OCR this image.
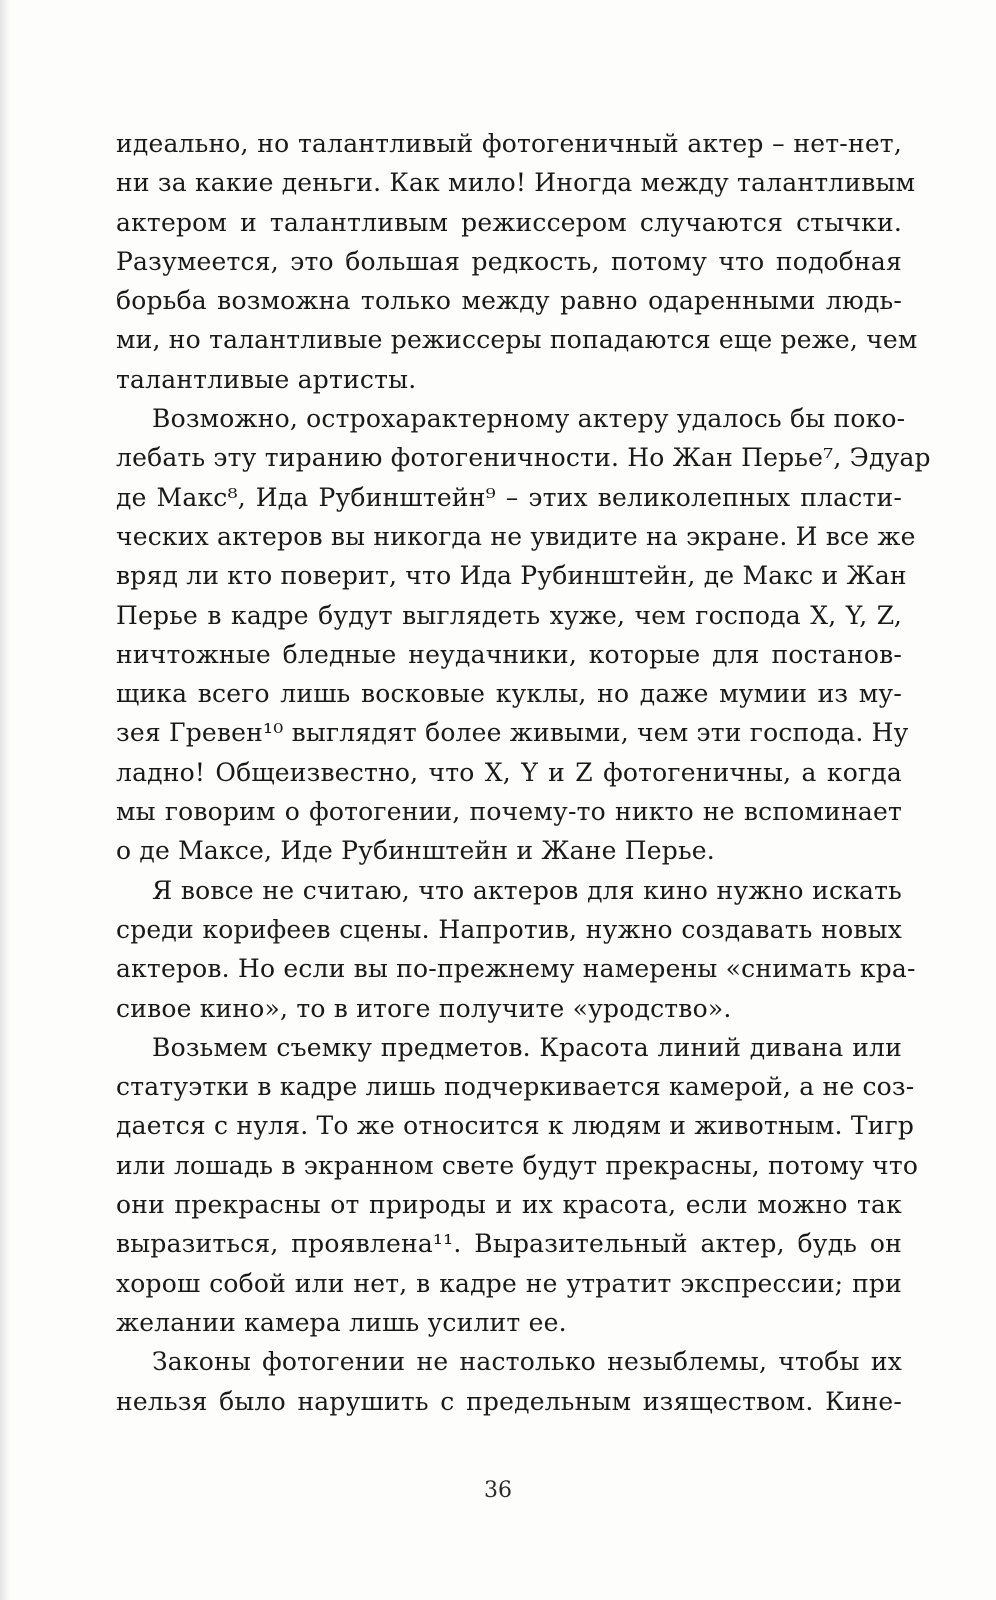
идеально, но талантливый фотогеничный актер – нет-нет,
ни за какие деньги. Как мило! Иногда между талантливым
актером и талантливым режиссером случаются стычки.
Разумеется, это большая редкость, потому что подобная
борьба возможна только между равно одаренными людь-
ми, но талантливые режиссеры попадаются еще реже, чем
талантливые артисты.

Возможно, острохарактерному актеру удалось бы поко-
лебать эту тиранию фотогеничности. Но Жан Перье⁷, Эдуар
де Макс⁸, Ида Рубинштейн⁹ – этих великолепных пласти-
ческих актеров вы никогда не увидите на экране. И все же
вряд ли кто поверит, что Ида Рубинштейн, де Макс и Жан
Перье в кадре будут выглядеть хуже, чем господа X, Y, Z,
ничтожные бледные неудачники, которые для постанов-
щика всего лишь восковые куклы, но даже мумии из му-
зея Гревен¹⁰ выглядят более живыми, чем эти господа. Ну
ладно! Общеизвестно, что X, Y и Z фотогеничны, а когда
мы говорим о фотогении, почему-то никто не вспоминает
о де Максе, Иде Рубинштейн и Жане Перье.

Я вовсе не считаю, что актеров для кино нужно искать
среди корифеев сцены. Напротив, нужно создавать новых
актеров. Но если вы по-прежнему намерены «снимать кра-
сивое кино», то в итоге получите «уродство».

Возьмем съемку предметов. Красота линий дивана или
статуэтки в кадре лишь подчеркивается камерой, а не соз-
дается с нуля. То же относится к людям и животным. Тигр
или лошадь в экранном свете будут прекрасны, потому что
они прекрасны от природы и их красота, если можно так
выразиться, проявлена¹¹. Выразительный актер, будь он
хорош собой или нет, в кадре не утратит экспрессии; при
желании камера лишь усилит ее.

Законы фотогении не настолько незыблемы, чтобы их
нельзя было нарушить с предельным изяществом. Кине-

36
